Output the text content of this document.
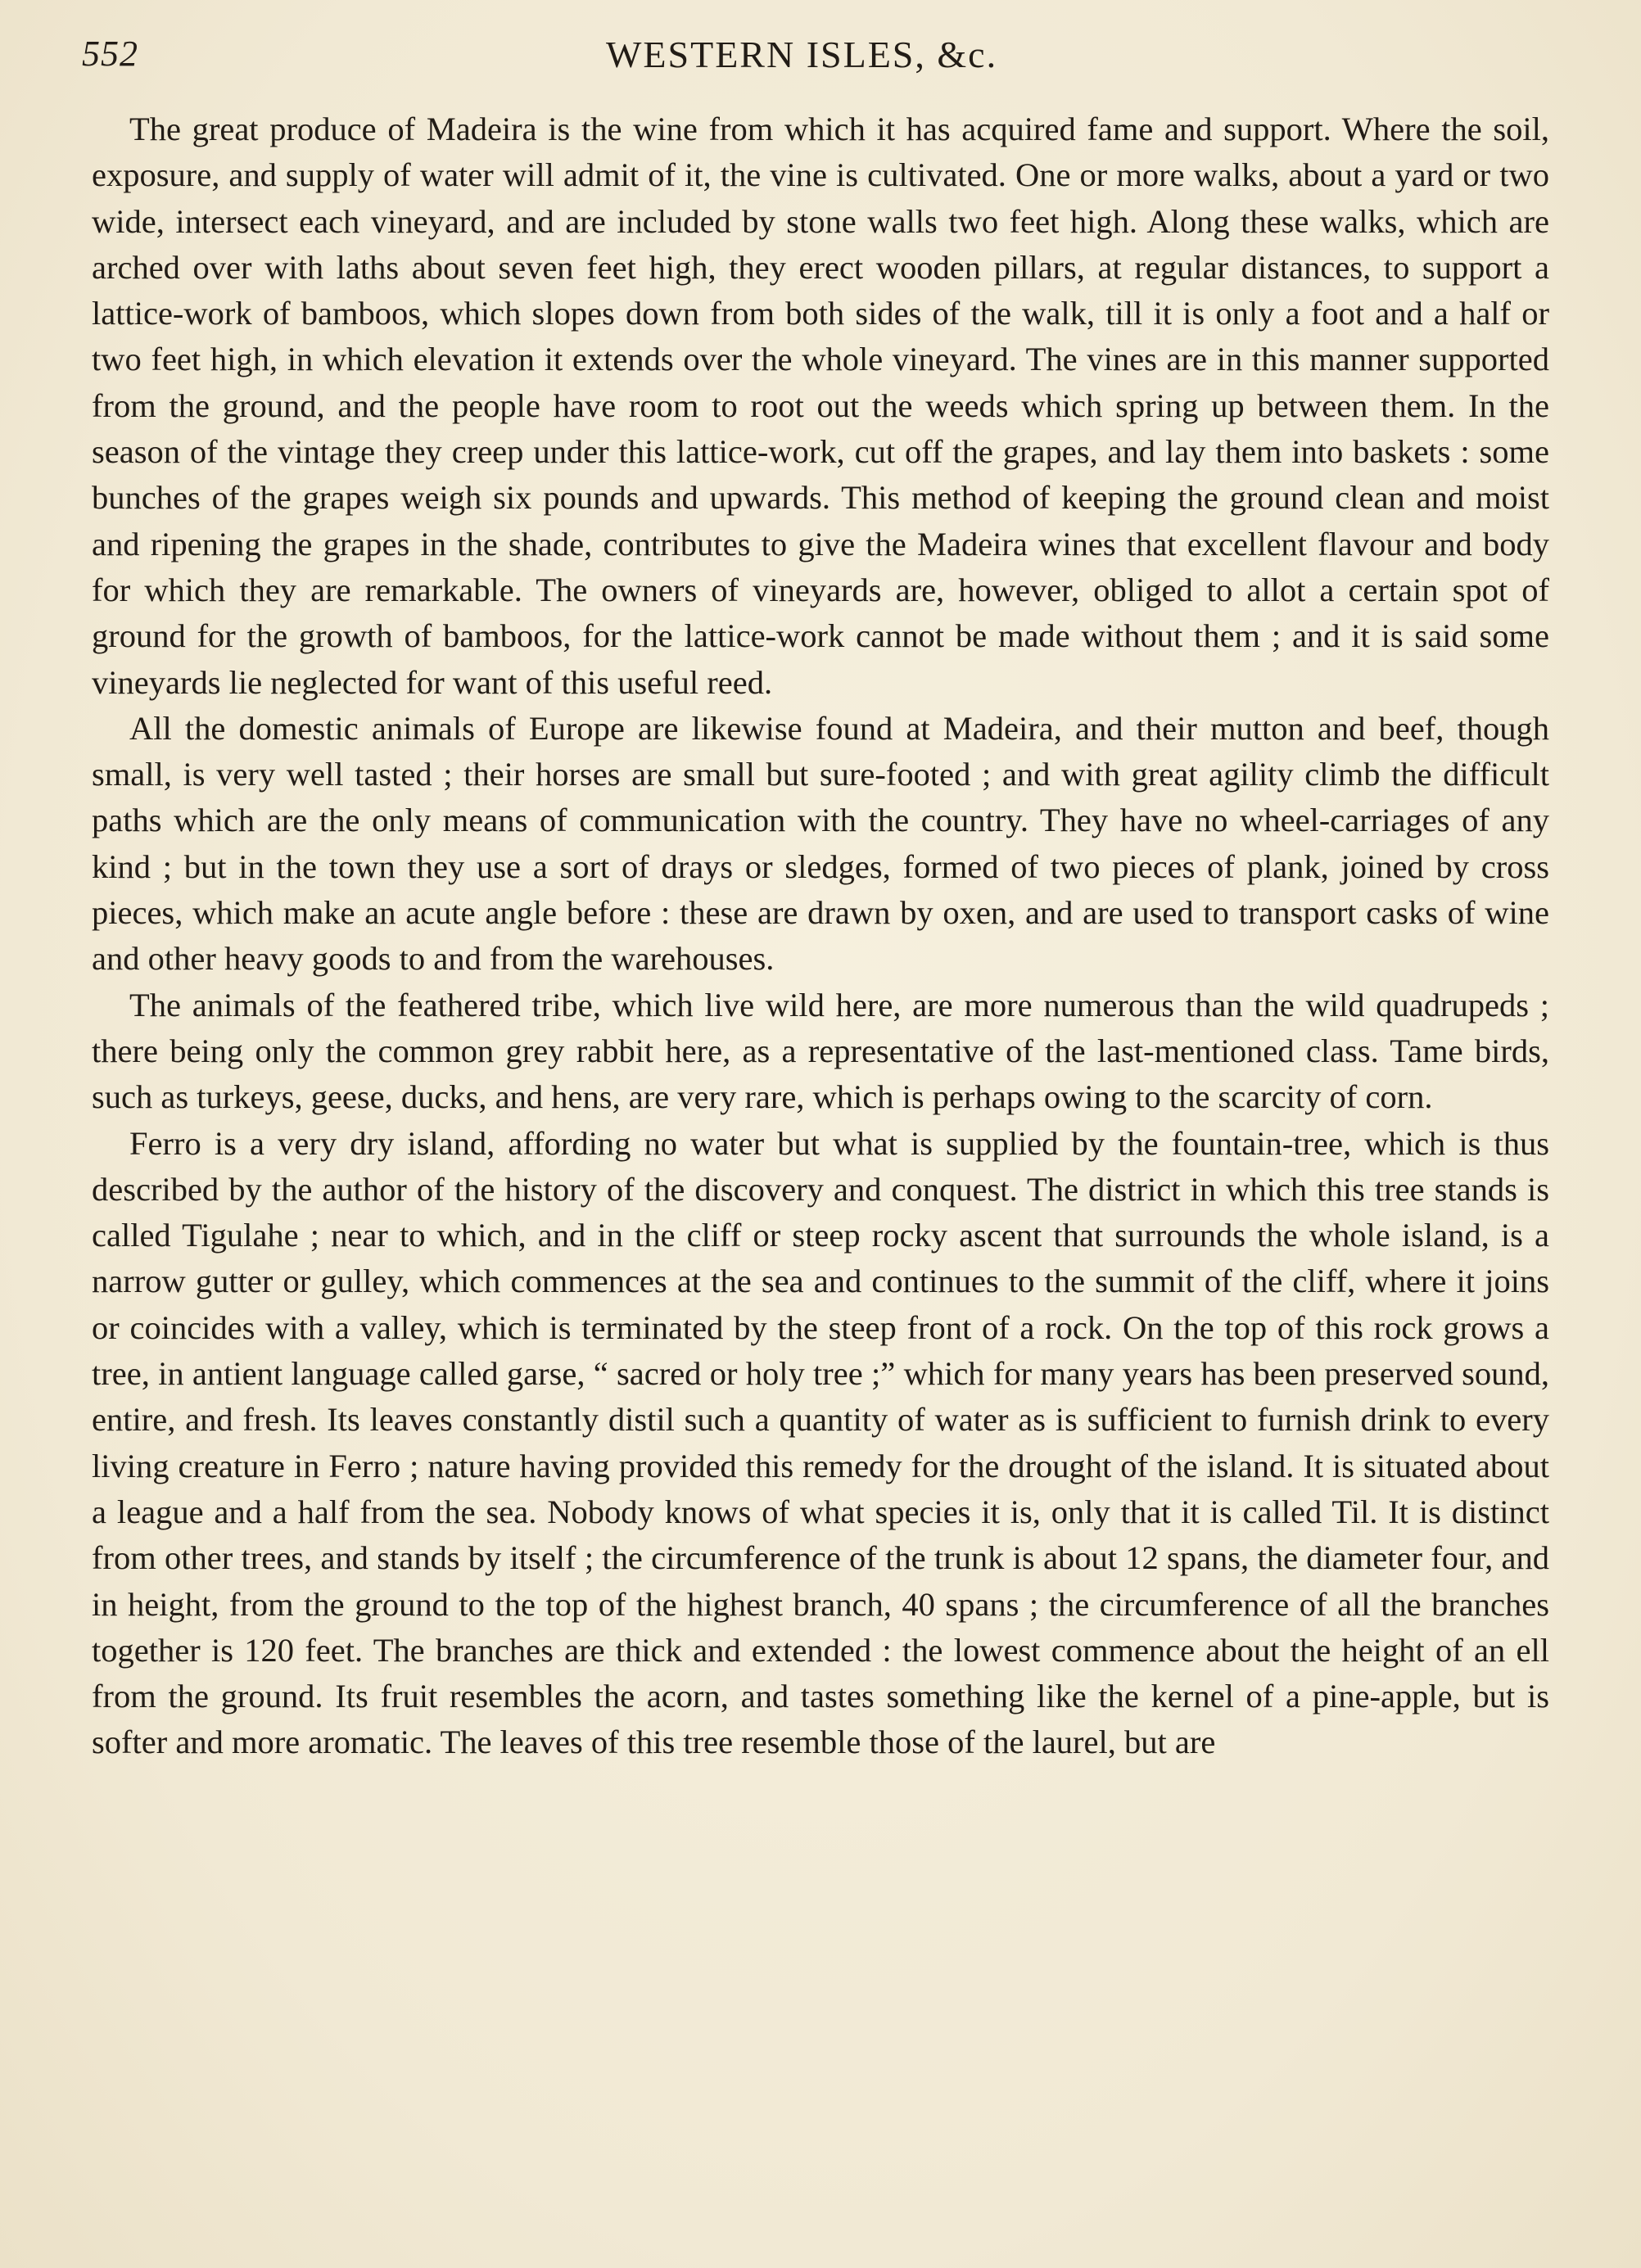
552	WESTERN ISLES, &c.

The great produce of Madeira is the wine from which it has acquired fame and support. Where the soil, exposure, and supply of water will admit of it, the vine is cultivated. One or more walks, about a yard or two wide, intersect each vineyard, and are included by stone walls two feet high. Along these walks, which are arched over with laths about seven feet high, they erect wooden pillars, at regular distances, to support a lattice-work of bamboos, which slopes down from both sides of the walk, till it is only a foot and a half or two feet high, in which elevation it extends over the whole vineyard. The vines are in this manner supported from the ground, and the people have room to root out the weeds which spring up between them. In the season of the vintage they creep under this lattice-work, cut off the grapes, and lay them into baskets : some bunches of the grapes weigh six pounds and upwards. This method of keeping the ground clean and moist and ripening the grapes in the shade, contributes to give the Madeira wines that excellent flavour and body for which they are remarkable. The owners of vineyards are, however, obliged to allot a certain spot of ground for the growth of bamboos, for the lattice-work cannot be made without them ; and it is said some vineyards lie neglected for want of this useful reed.

All the domestic animals of Europe are likewise found at Madeira, and their mutton and beef, though small, is very well tasted ; their horses are small but sure-footed ; and with great agility climb the difficult paths which are the only means of communication with the country. They have no wheel-carriages of any kind ; but in the town they use a sort of drays or sledges, formed of two pieces of plank, joined by cross pieces, which make an acute angle before : these are drawn by oxen, and are used to transport casks of wine and other heavy goods to and from the warehouses.

The animals of the feathered tribe, which live wild here, are more numerous than the wild quadrupeds ; there being only the common grey rabbit here, as a representative of the last-mentioned class. Tame birds, such as turkeys, geese, ducks, and hens, are very rare, which is perhaps owing to the scarcity of corn.

Ferro is a very dry island, affording no water but what is supplied by the fountain-tree, which is thus described by the author of the history of the discovery and conquest. The district in which this tree stands is called Tigulahe ; near to which, and in the cliff or steep rocky ascent that surrounds the whole island, is a narrow gutter or gulley, which commences at the sea and continues to the summit of the cliff, where it joins or coincides with a valley, which is terminated by the steep front of a rock. On the top of this rock grows a tree, in antient language called garse, “ sacred or holy tree ;” which for many years has been preserved sound, entire, and fresh. Its leaves constantly distil such a quantity of water as is sufficient to furnish drink to every living creature in Ferro ; nature having provided this remedy for the drought of the island. It is situated about a league and a half from the sea. Nobody knows of what species it is, only that it is called Til. It is distinct from other trees, and stands by itself ; the circumference of the trunk is about 12 spans, the diameter four, and in height, from the ground to the top of the highest branch, 40 spans ; the circumference of all the branches together is 120 feet. The branches are thick and extended : the lowest commence about the height of an ell from the ground. Its fruit resembles the acorn, and tastes something like the kernel of a pine-apple, but is softer and more aromatic. The leaves of this tree resemble those of the laurel, but are
